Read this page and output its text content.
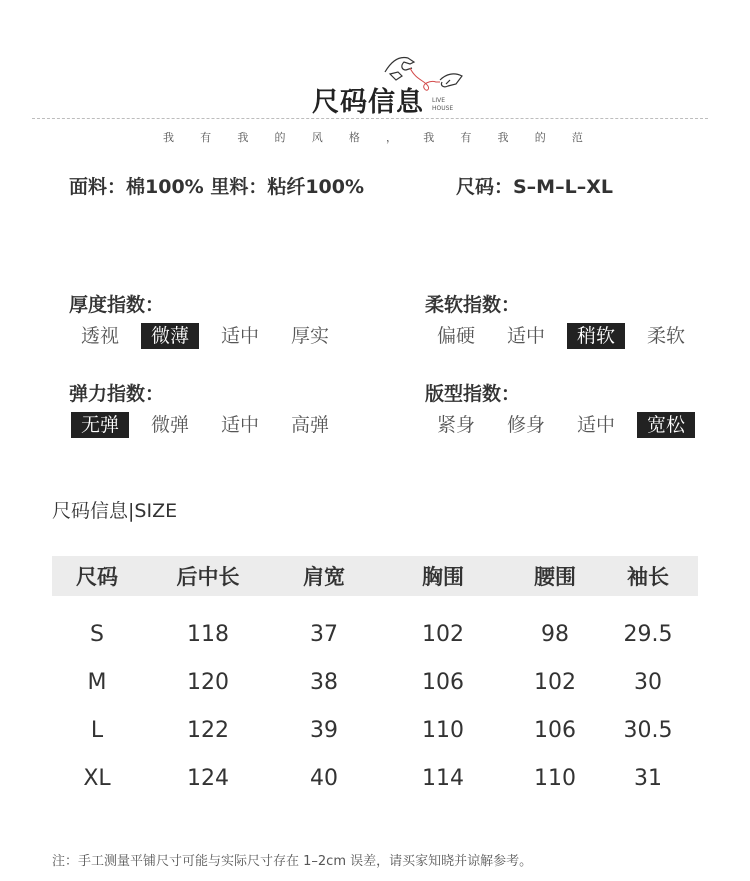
尺码信息 LIVE
HOUSE
我 有 我 的 风 格 ， 我 有 我 的 范
面料：棉100% 里料：粘纤100%	尺码：S–M–L–XL
厚度指数：
透视	微薄	适中	厚实
柔软指数：
偏硬	适中	稍软	柔软
弹力指数：
无弹	微弹	适中	高弹
版型指数：
紧身	修身	适中	宽松
尺码信息|SIZE
尺码	后中长	肩宽	胸围	腰围	袖长
S	118	37	102	98	29.5
M	120	38	106	102	30
L	122	39	110	106	30.5
XL	124	40	114	110	31
注：手工测量平铺尺寸可能与实际尺寸存在 1–2cm 误差，请买家知晓并谅解参考。
